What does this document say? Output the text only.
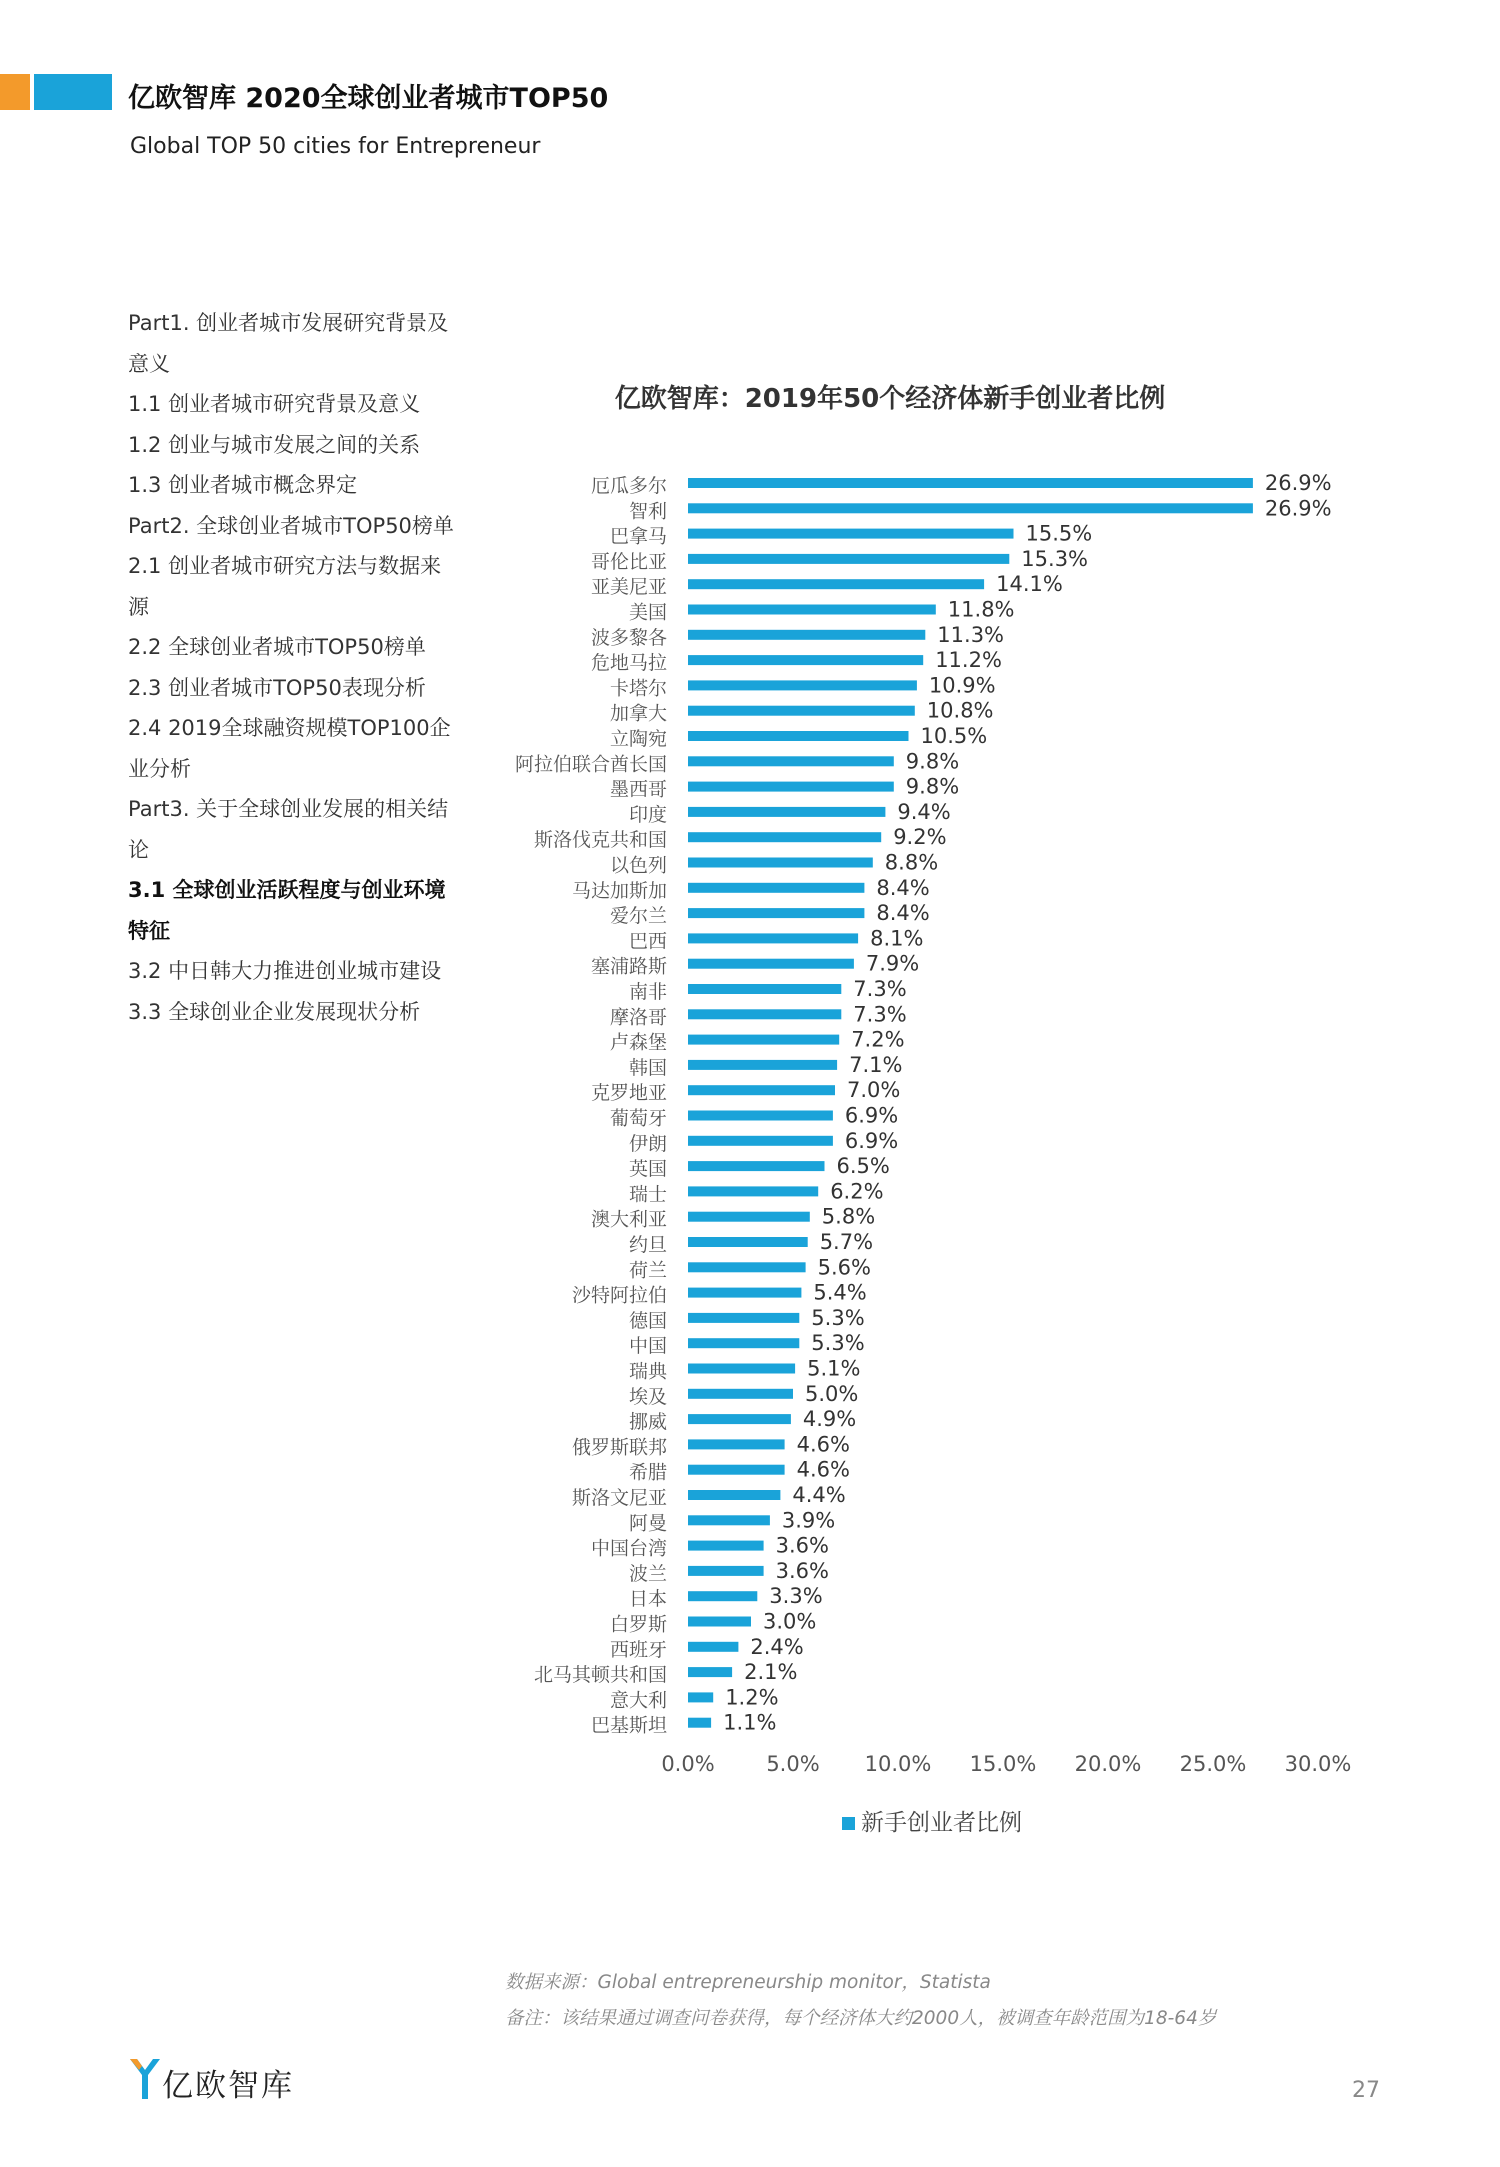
亿欧智库 2020全球创业者城市TOP50
Global TOP 50 cities for Entrepreneur
Part1. 创业者城市发展研究背景及
意义
1.1 创业者城市研究背景及意义
1.2 创业与城市发展之间的关系
1.3 创业者城市概念界定
Part2. 全球创业者城市TOP50榜单
2.1 创业者城市研究方法与数据来
源
2.2 全球创业者城市TOP50榜单
2.3 创业者城市TOP50表现分析
2.4 2019全球融资规模TOP100企
业分析
Part3. 关于全球创业发展的相关结
论
3.1 全球创业活跃程度与创业环境
特征
3.2 中日韩大力推进创业城市建设
3.3 全球创业企业发展现状分析
亿欧智库：2019年50个经济体新手创业者比例
厄瓜多尔	26.9%
智利	26.9%
巴拿马	15.5%
哥伦比亚	15.3%
亚美尼亚	14.1%
美国	11.8%
波多黎各	11.3%
危地马拉	11.2%
卡塔尔	10.9%
加拿大	10.8%
立陶宛	10.5%
阿拉伯联合酋长国	9.8%
墨西哥	9.8%
印度	9.4%
斯洛伐克共和国	9.2%
以色列	8.8%
马达加斯加	8.4%
爱尔兰	8.4%
巴西	8.1%
塞浦路斯	7.9%
南非	7.3%
摩洛哥	7.3%
卢森堡	7.2%
韩国	7.1%
克罗地亚	7.0%
葡萄牙	6.9%
伊朗	6.9%
英国	6.5%
瑞士	6.2%
澳大利亚	5.8%
约旦	5.7%
荷兰	5.6%
沙特阿拉伯	5.4%
德国	5.3%
中国	5.3%
瑞典	5.1%
埃及	5.0%
挪威	4.9%
俄罗斯联邦	4.6%
希腊	4.6%
斯洛文尼亚	4.4%
阿曼	3.9%
中国台湾	3.6%
波兰	3.6%
日本	3.3%
白罗斯	3.0%
西班牙	2.4%
北马其顿共和国	2.1%
意大利	1.2%
巴基斯坦	1.1%
0.0% 5.0% 10.0% 15.0% 20.0% 25.0% 30.0%
新手创业者比例
数据来源：Global entrepreneurship monitor，Statista
备注：该结果通过调查问卷获得，每个经济体大约2000人，被调查年龄范围为18-64岁
亿欧智库	27
